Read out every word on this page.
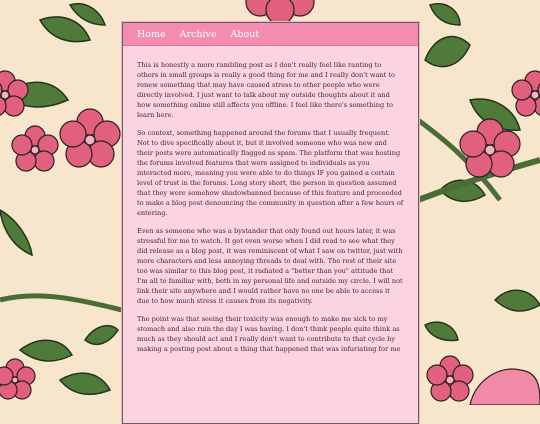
Home Archive About

This is honestly a more rambling post as I don't really feel like ranting to others in small groups is really a good thing for me and I really don't want to renew something that may have caused stress to other people who were directly involved. I just want to talk about my outside thoughts about it and how something online still affects you offline. I feel like there's something to learn here.

So context, something happened around the forums that I usually frequent. Not to dive specifically about it, but it involved someone who was new and their posts were automatically flagged as spam. The platform that was hosting the forums involved features that were assigned to individuals as you interacted more, meaning you were able to do things IF you gained a certain level of trust in the forums. Long story short, the person in question assumed that they were somehow shadowbanned because of this feature and proceeded to make a blog post denouncing the community in question after a few hours of entering.

Even as someone who was a bystander that only found out hours later, it was stressful for me to watch. It got even worse when I did read to see what they did release as a blog post, it was reminiscent of what I saw on twitter, just with more characters and less annoying threads to deal with. The rest of their site too was similar to this blog post, it radiated a "better than you" attitude that I'm all to familiar with, both in my personal life and outside my circle. I will not link their site anywhere and I would rather have no one be able to access it due to how much stress it causes from its negativity.

The point was that seeing their toxicity was enough to make me sick to my stomach and also ruin the day I was having. I don't think people quite think as much as they should act and I really don't want to contribute to that cycle by making a posting post about a thing that happened that was infuriating for me
